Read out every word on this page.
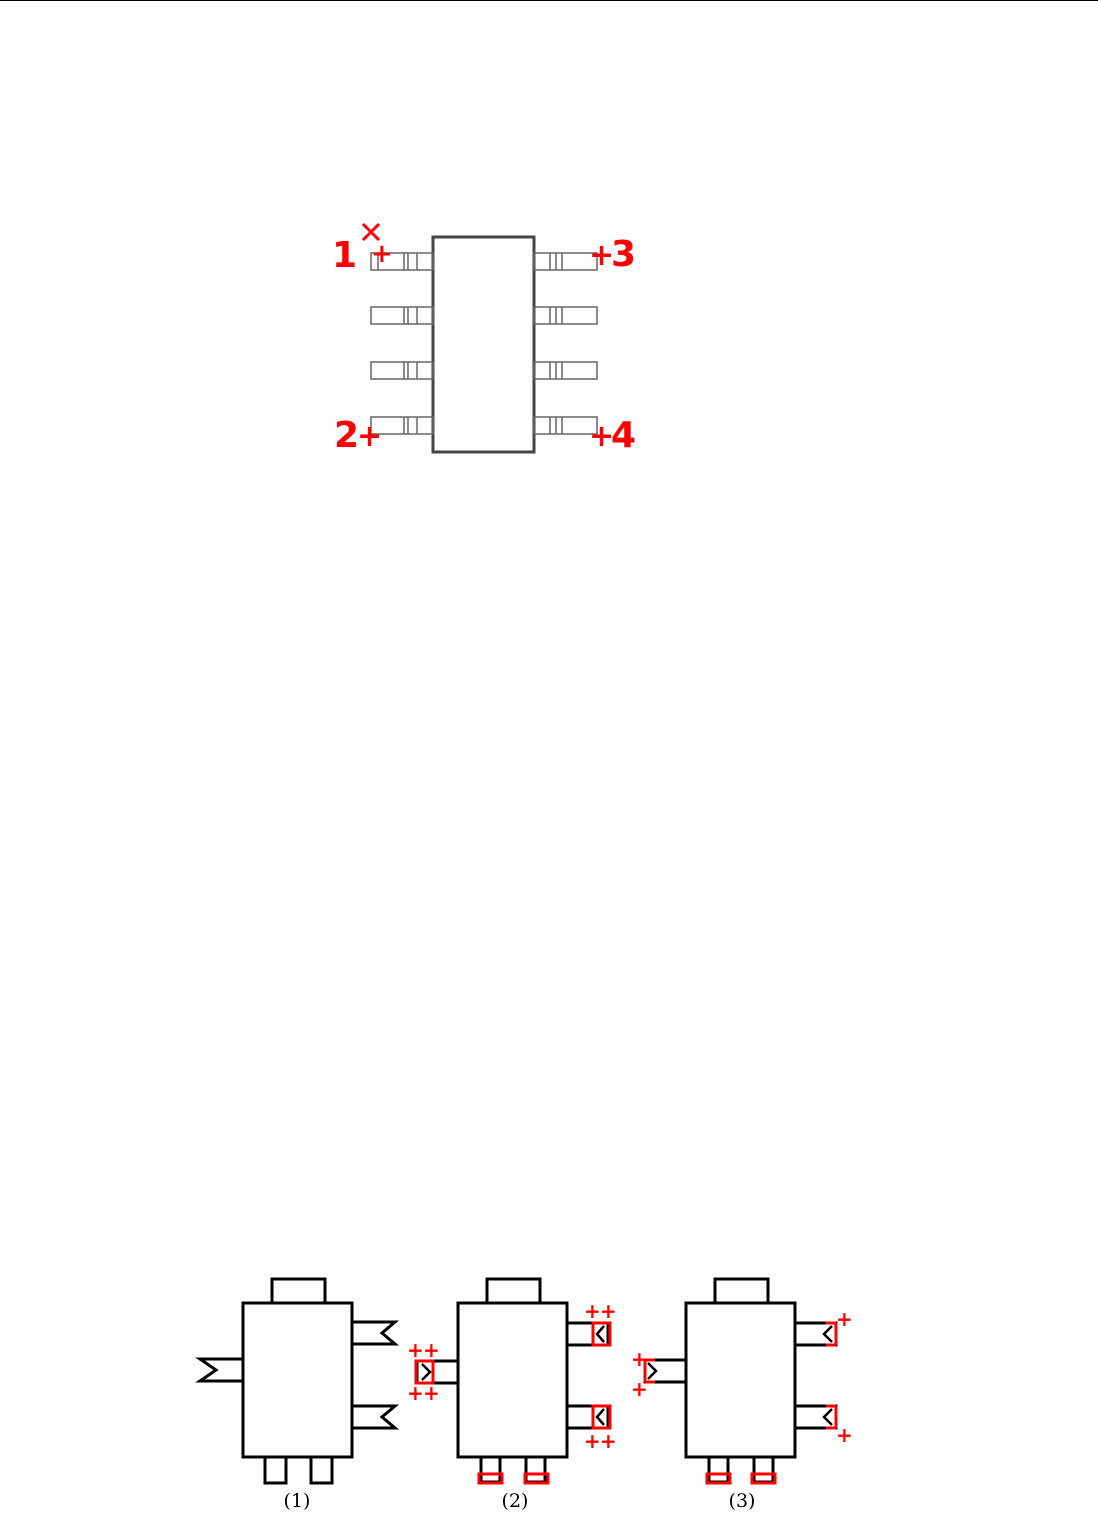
1 +	3
+
2
+	4
+
(1)
+ +
+ +
+ +
+ +
(2)
+
+
+
+
(3)
